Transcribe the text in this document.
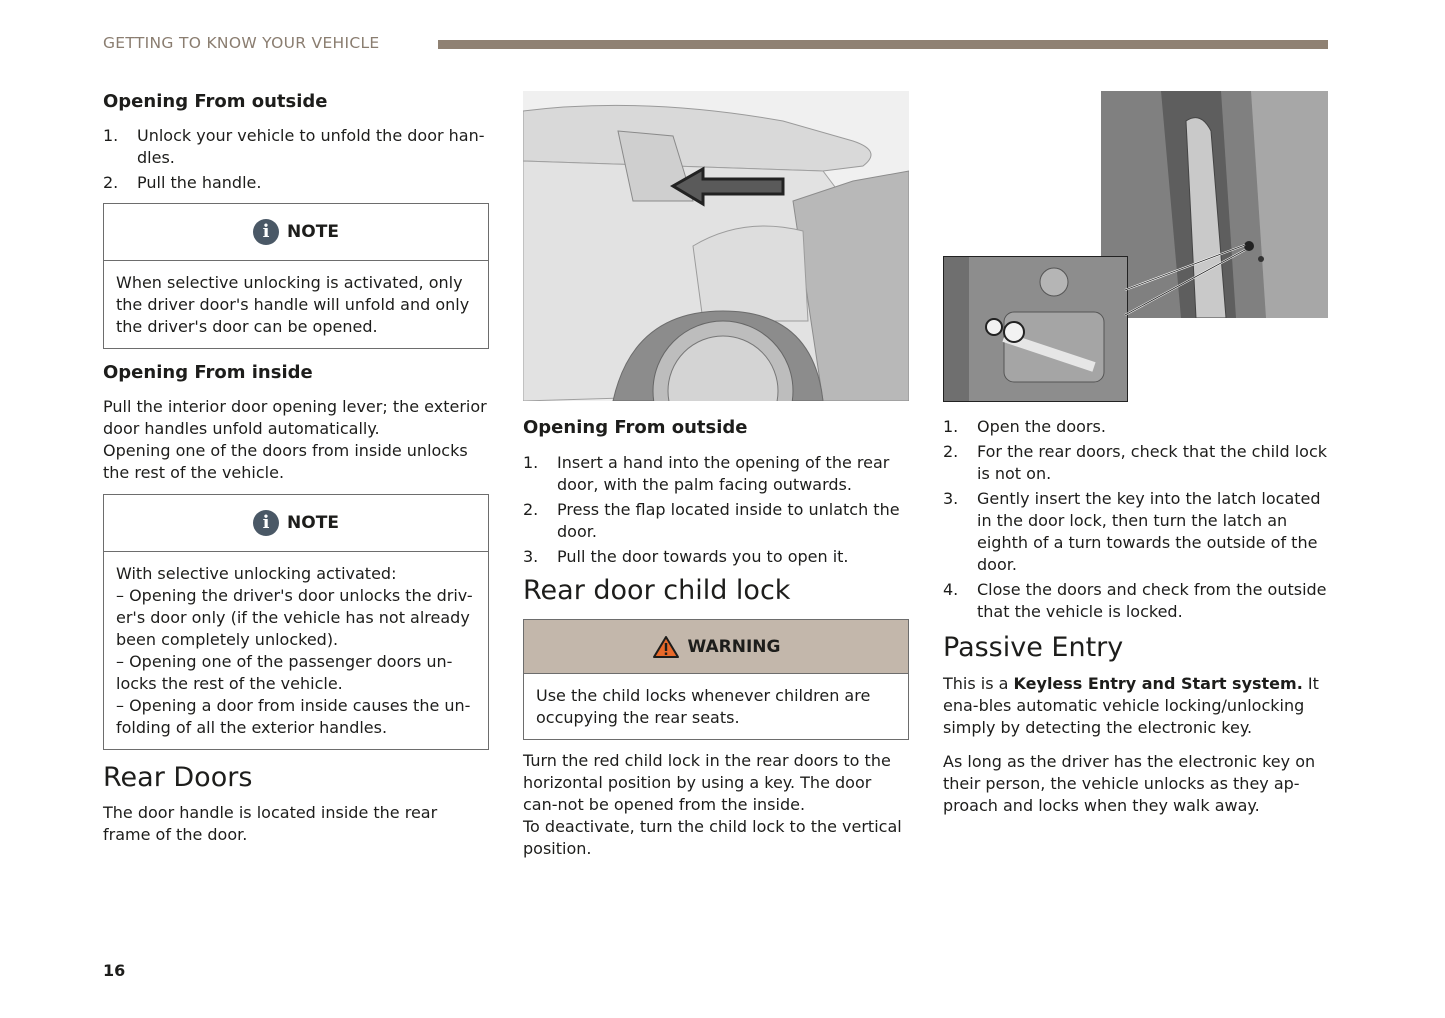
GETTING TO KNOW YOUR VEHICLE
Opening From outside
1. Unlock your vehicle to unfold the door han-dles.
2. Pull the handle.
i	NOTE
When selective unlocking is activated, only the driver door's handle will unfold and only the driver's door can be opened.
Opening From inside

Pull the interior door opening lever; the exterior door handles unfold automatically.

Opening one of the doors from inside unlocks the rest of the vehicle.

i	NOTE
With selective unlocking activated:
– Opening the driver's door unlocks the driv-er's door only (if the vehicle has not already been completely unlocked).
– Opening one of the passenger doors un-locks the rest of the vehicle.
– Opening a door from inside causes the un-folding of all the exterior handles.
Rear Doors

The door handle is located inside the rear frame of the door.

Opening From outside
1. Insert a hand into the opening of the rear door, with the palm facing outwards.
2. Press the flap located inside to unlatch the door.
3. Pull the door towards you to open it.
Rear door child lock
WARNING
Use the child locks whenever children are occupying the rear seats.

Turn the red child lock in the rear doors to the horizontal position by using a key. The door can-not be opened from the inside.

To deactivate, turn the child lock to the vertical position.

1. Open the doors.
2. For the rear doors, check that the child lock is not on.
3. Gently insert the key into the latch located in the door lock, then turn the latch an eighth of a turn towards the outside of the door.
4. Close the doors and check from the outside that the vehicle is locked.
Passive Entry

This is a Keyless Entry and Start system. It ena-bles automatic vehicle locking/unlocking simply by detecting the electronic key.

As long as the driver has the electronic key on their person, the vehicle unlocks as they ap-proach and locks when they walk away.

16
